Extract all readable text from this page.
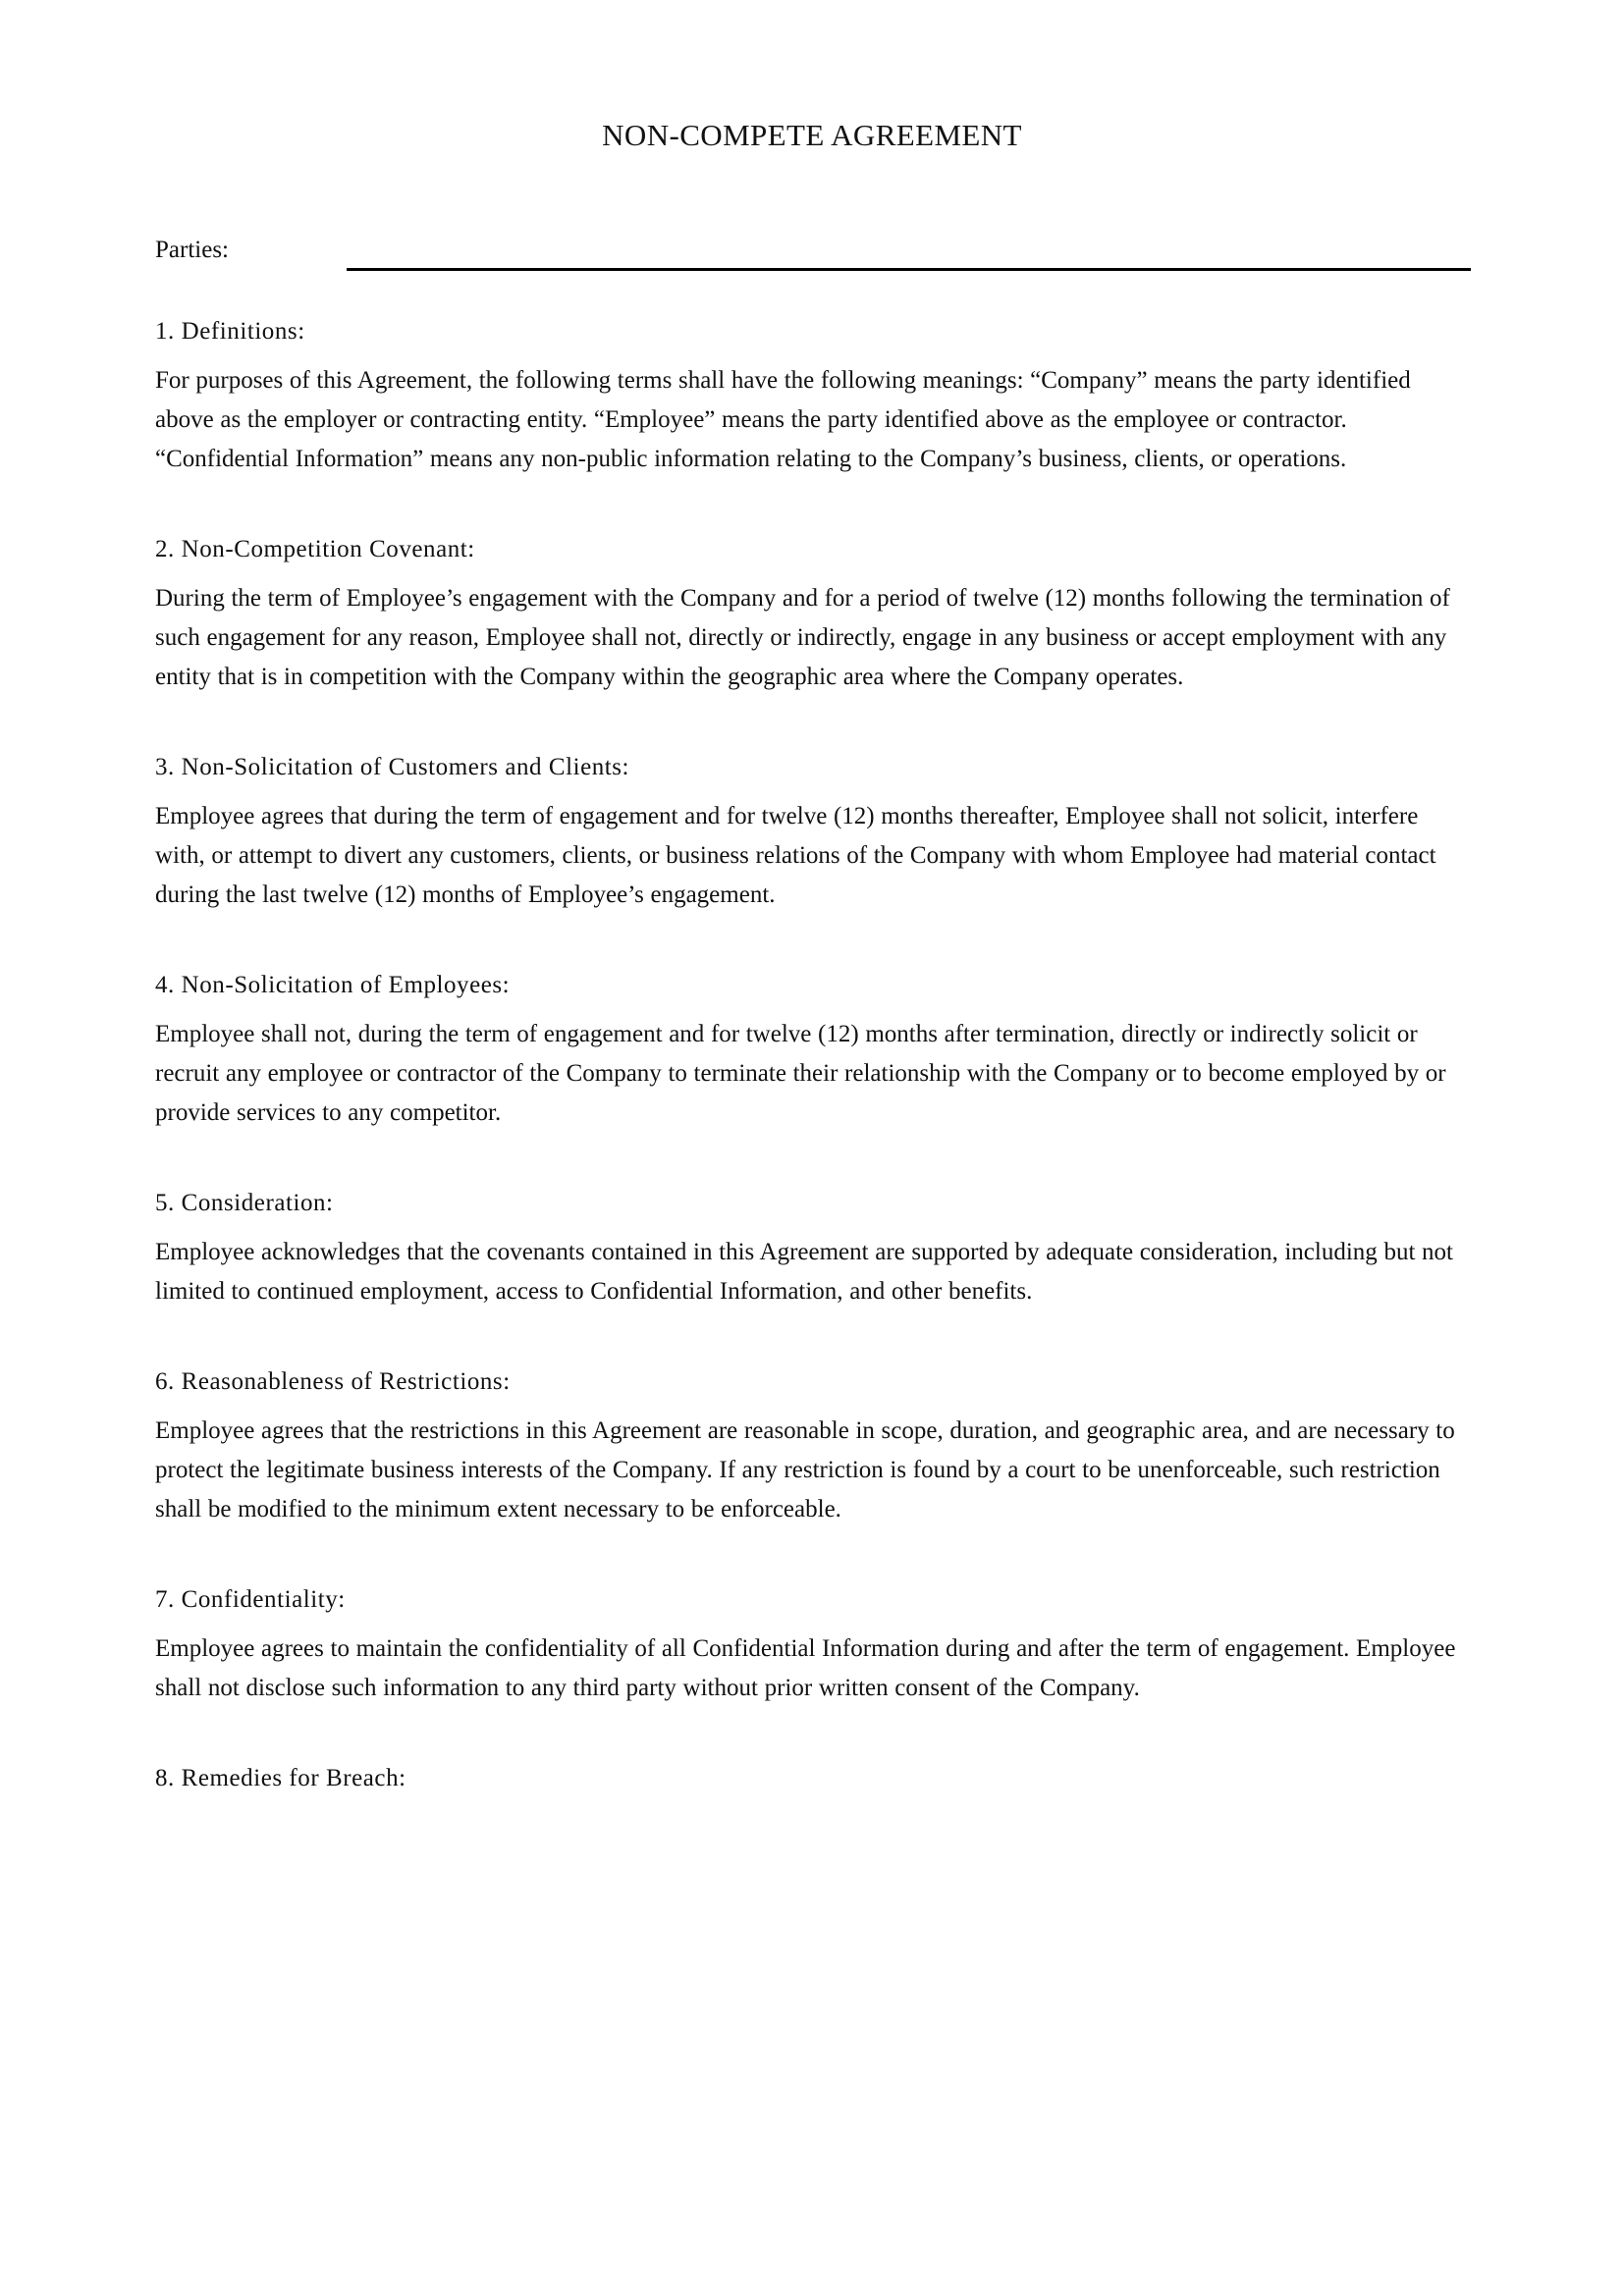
NON-COMPETE AGREEMENT
Parties:

1. Definitions:

For purposes of this Agreement, the following terms shall have the following meanings: “Company” means the party identified above as the employer or contracting entity. “Employee” means the party identified above as the employee or contractor. “Confidential Information” means any non-public information relating to the Company’s business, clients, or operations.

2. Non-Competition Covenant:

During the term of Employee’s engagement with the Company and for a period of twelve (12) months following the termination of such engagement for any reason, Employee shall not, directly or indirectly, engage in any business or accept employment with any entity that is in competition with the Company within the geographic area where the Company operates.

3. Non-Solicitation of Customers and Clients:

Employee agrees that during the term of engagement and for twelve (12) months thereafter, Employee shall not solicit, interfere with, or attempt to divert any customers, clients, or business relations of the Company with whom Employee had material contact during the last twelve (12) months of Employee’s engagement.

4. Non-Solicitation of Employees:

Employee shall not, during the term of engagement and for twelve (12) months after termination, directly or indirectly solicit or recruit any employee or contractor of the Company to terminate their relationship with the Company or to become employed by or provide services to any competitor.

5. Consideration:

Employee acknowledges that the covenants contained in this Agreement are supported by adequate consideration, including but not limited to continued employment, access to Confidential Information, and other benefits.

6. Reasonableness of Restrictions:

Employee agrees that the restrictions in this Agreement are reasonable in scope, duration, and geographic area, and are necessary to protect the legitimate business interests of the Company. If any restriction is found by a court to be unenforceable, such restriction shall be modified to the minimum extent necessary to be enforceable.

7. Confidentiality:

Employee agrees to maintain the confidentiality of all Confidential Information during and after the term of engagement. Employee shall not disclose such information to any third party without prior written consent of the Company.

8. Remedies for Breach:
